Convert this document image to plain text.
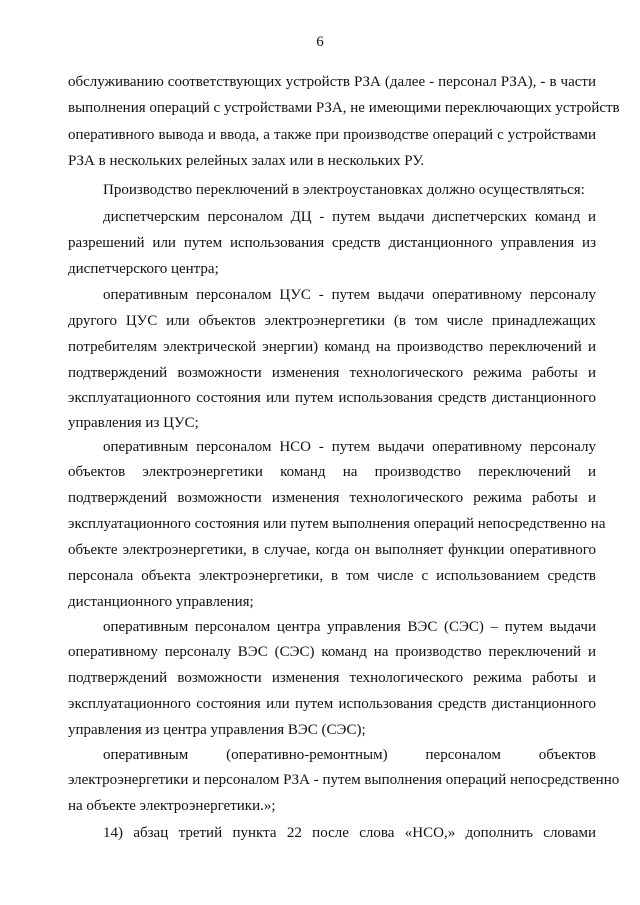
6
обслуживанию соответствующих устройств РЗА (далее - персонал РЗА), - в части
выполнения операций с устройствами РЗА, не имеющими переключающих устройств
оперативного вывода и ввода, а также при производстве операций с устройствами
РЗА в нескольких релейных залах или в нескольких РУ.
Производство переключений в электроустановках должно осуществляться:
диспетчерским персоналом ДЦ - путем выдачи диспетчерских команд и
разрешений или путем использования средств дистанционного управления из
диспетчерского центра;
оперативным персоналом ЦУС - путем выдачи оперативному персоналу
другого ЦУС или объектов электроэнергетики (в том числе принадлежащих
потребителям электрической энергии) команд на производство переключений и
подтверждений возможности изменения технологического режима работы и
эксплуатационного состояния или путем использования средств дистанционного
управления из ЦУС;
оперативным персоналом НСО - путем выдачи оперативному персоналу
объектов электроэнергетики команд на производство переключений и
подтверждений возможности изменения технологического режима работы и
эксплуатационного состояния или путем выполнения операций непосредственно на
объекте электроэнергетики, в случае, когда он выполняет функции оперативного
персонала объекта электроэнергетики, в том числе с использованием средств
дистанционного управления;
оперативным персоналом центра управления ВЭС (СЭС) – путем выдачи
оперативному персоналу ВЭС (СЭС) команд на производство переключений и
подтверждений возможности изменения технологического режима работы и
эксплуатационного состояния или путем использования средств дистанционного
управления из центра управления ВЭС (СЭС);
оперативным (оперативно-ремонтным) персоналом объектов
электроэнергетики и персоналом РЗА - путем выполнения операций непосредственно
на объекте электроэнергетики.»;
14) абзац третий пункта 22 после слова «НСО,» дополнить словами
